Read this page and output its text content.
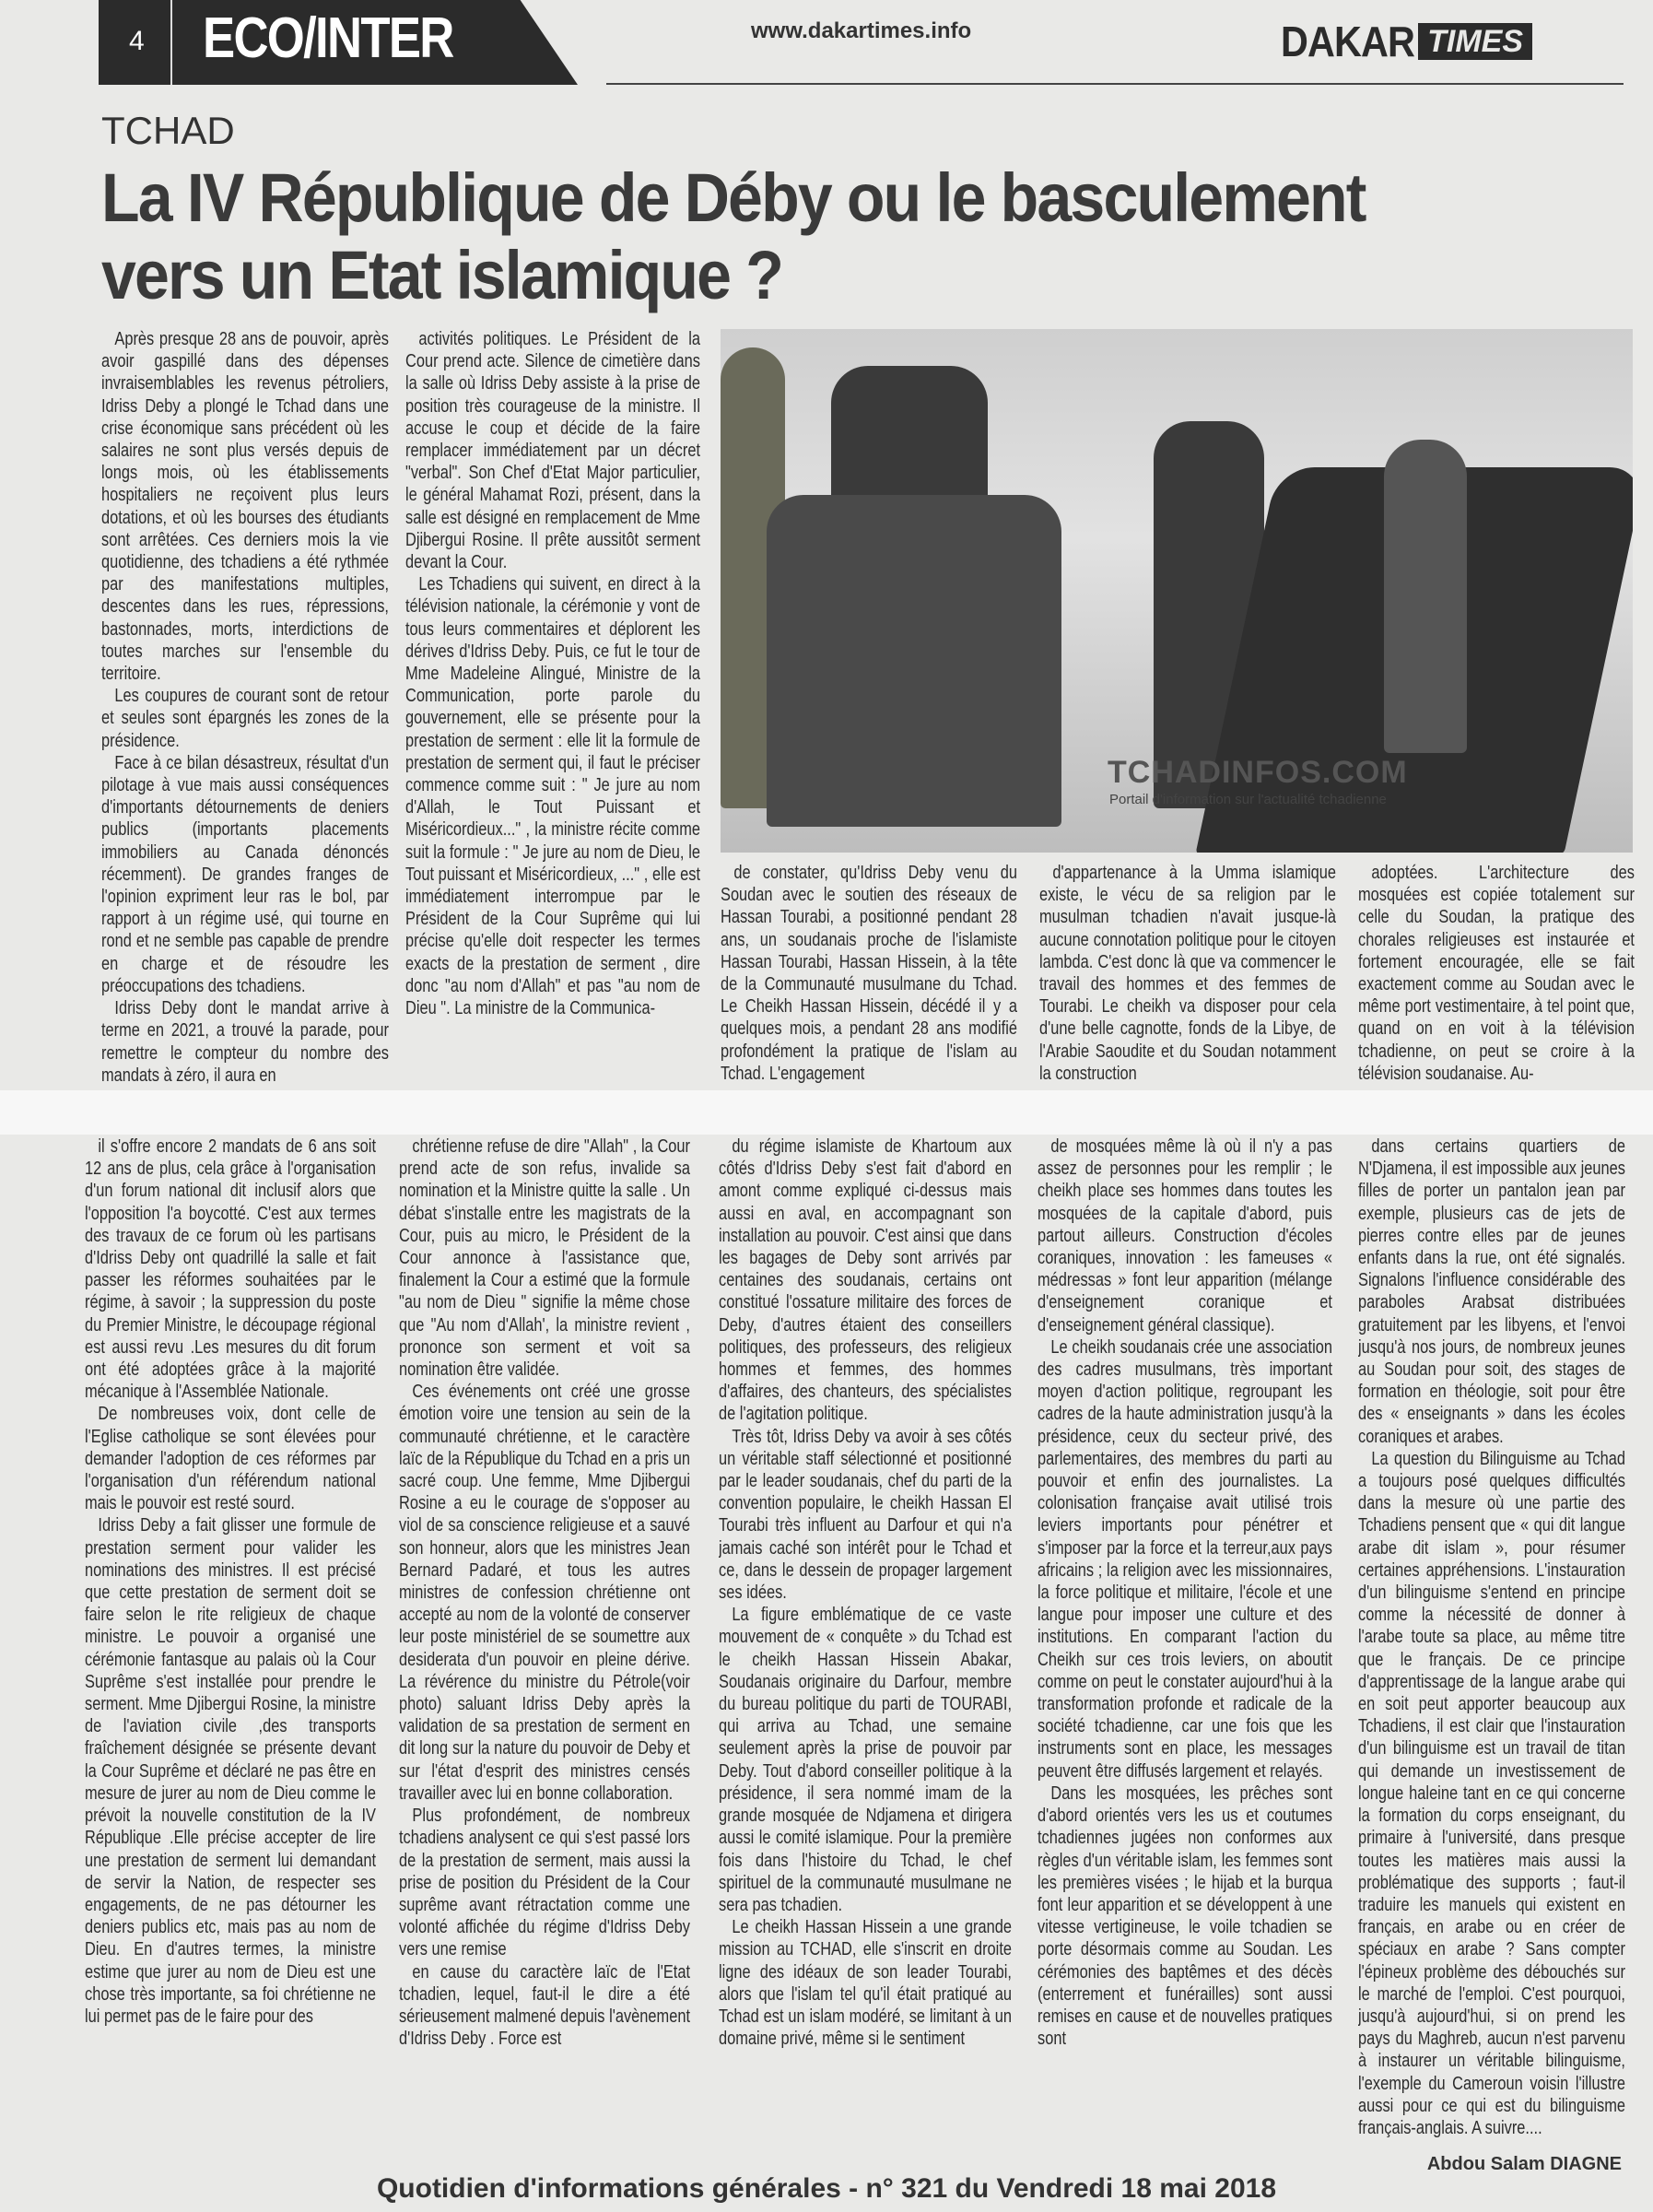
4 ECO/INTER	www.dakartimes.info	DAKAR TIMES
TCHAD
La IV République de Déby ou le basculement
vers un Etat islamique ?

Après presque 28 ans de pouvoir, après avoir gaspillé dans des dépenses invraisemblables les revenus pétroliers, Idriss Deby a plongé le Tchad dans une crise économique sans précédent où les salaires ne sont plus versés depuis de longs mois, où les établissements hospitaliers ne reçoivent plus leurs dotations, et où les bourses des étudiants sont arrêtées. Ces derniers mois la vie quotidienne, des tchadiens a été rythmée par des manifestations multiples, descentes dans les rues, répressions, bastonnades, morts, interdictions de toutes marches sur l'ensemble du territoire.

Les coupures de courant sont de retour et seules sont épargnés les zones de la présidence.

Face à ce bilan désastreux, résultat d'un pilotage à vue mais aussi conséquences d'importants détournements de deniers publics (importants placements immobiliers au Canada dénoncés récemment). De grandes franges de l'opinion expriment leur ras le bol, par rapport à un régime usé, qui tourne en rond et ne semble pas capable de prendre en charge et de résoudre les préoccupations des tchadiens.

Idriss Deby dont le mandat arrive à terme en 2021, a trouvé la parade, pour remettre le compteur du nombre des mandats à zéro, il aura en

activités politiques. Le Président de la Cour prend acte. Silence de cimetière dans la salle où Idriss Deby assiste à la prise de position très courageuse de la ministre. Il accuse le coup et décide de la faire remplacer immédiatement par un décret "verbal". Son Chef d'Etat Major particulier, le général Mahamat Rozi, présent, dans la salle est désigné en remplacement de Mme Djibergui Rosine. Il prête aussitôt serment devant la Cour.

Les Tchadiens qui suivent, en direct à la télévision nationale, la cérémonie y vont de tous leurs commentaires et déplorent les dérives d'Idriss Deby. Puis, ce fut le tour de Mme Madeleine Alingué, Ministre de la Communication, porte parole du gouvernement, elle se présente pour la prestation de serment : elle lit la formule de prestation de serment qui, il faut le préciser commence comme suit : " Je jure au nom d'Allah, le Tout Puissant et Miséricordieux..." , la ministre récite comme suit la formule : " Je jure au nom de Dieu, le Tout puissant et Miséricordieux, ..." , elle est immédiatement interrompue par le Président de la Cour Suprême qui lui précise qu'elle doit respecter les termes exacts de la prestation de serment , dire donc "au nom d'Allah" et pas "au nom de Dieu ". La ministre de la Communica-

TCHADINFOS.COM
Portail d'information sur l'actualité tchadienne

de constater, qu'Idriss Deby venu du Soudan avec le soutien des réseaux de Hassan Tourabi, a positionné pendant 28 ans, un soudanais proche de l'islamiste Hassan Tourabi, Hassan Hissein, à la tête de la Communauté musulmane du Tchad. Le Cheikh Hassan Hissein, décédé il y a quelques mois, a pendant 28 ans modifié profondément la pratique de l'islam au Tchad. L'engagement

d'appartenance à la Umma islamique existe, le vécu de sa religion par le musulman tchadien n'avait jusque-là aucune connotation politique pour le citoyen lambda. C'est donc là que va commencer le travail des hommes et des femmes de Tourabi. Le cheikh va disposer pour cela d'une belle cagnotte, fonds de la Libye, de l'Arabie Saoudite et du Soudan notamment la construction

adoptées. L'architecture des mosquées est copiée totalement sur celle du Soudan, la pratique des chorales religieuses est instaurée et fortement encouragée, elle se fait exactement comme au Soudan avec le même port vestimentaire, à tel point que, quand on en voit à la télévision tchadienne, on peut se croire à la télévision soudanaise. Au-

il s'offre encore 2 mandats de 6 ans soit 12 ans de plus, cela grâce à l'organisation d'un forum national dit inclusif alors que l'opposition l'a boycotté. C'est aux termes des travaux de ce forum où les partisans d'Idriss Deby ont quadrillé la salle et fait passer les réformes souhaitées par le régime, à savoir ; la suppression du poste du Premier Ministre, le découpage régional est aussi revu .Les mesures du dit forum ont été adoptées grâce à la majorité mécanique à l'Assemblée Nationale.

De nombreuses voix, dont celle de l'Eglise catholique se sont élevées pour demander l'adoption de ces réformes par l'organisation d'un référendum national mais le pouvoir est resté sourd.

Idriss Deby a fait glisser une formule de prestation serment pour valider les nominations des ministres. Il est précisé que cette prestation de serment doit se faire selon le rite religieux de chaque ministre. Le pouvoir a organisé une cérémonie fantasque au palais où la Cour Suprême s'est installée pour prendre le serment. Mme Djibergui Rosine, la ministre de l'aviation civile ,des transports fraîchement désignée se présente devant la Cour Suprême et déclaré ne pas être en mesure de jurer au nom de Dieu comme le prévoit la nouvelle constitution de la IV République .Elle précise accepter de lire une prestation de serment lui demandant de servir la Nation, de respecter ses engagements, de ne pas détourner les deniers publics etc, mais pas au nom de Dieu. En d'autres termes, la ministre estime que jurer au nom de Dieu est une chose très importante, sa foi chrétienne ne lui permet pas de le faire pour des

chrétienne refuse de dire "Allah" , la Cour prend acte de son refus, invalide sa nomination et la Ministre quitte la salle . Un débat s'installe entre les magistrats de la Cour, puis au micro, le Président de la Cour annonce à l'assistance que, finalement la Cour a estimé que la formule "au nom de Dieu " signifie la même chose que "Au nom d'Allah', la ministre revient , prononce son serment et voit sa nomination être validée.

Ces événements ont créé une grosse émotion voire une tension au sein de la communauté chrétienne, et le caractère laïc de la République du Tchad en a pris un sacré coup. Une femme, Mme Djibergui Rosine a eu le courage de s'opposer au viol de sa conscience religieuse et a sauvé son honneur, alors que les ministres Jean Bernard Padaré, et tous les autres ministres de confession chrétienne ont accepté au nom de la volonté de conserver leur poste ministériel de se soumettre aux desiderata d'un pouvoir en pleine dérive. La révérence du ministre du Pétrole(voir photo) saluant Idriss Deby après la validation de sa prestation de serment en dit long sur la nature du pouvoir de Deby et sur l'état d'esprit des ministres censés travailler avec lui en bonne collaboration.

Plus profondément, de nombreux tchadiens analysent ce qui s'est passé lors de la prestation de serment, mais aussi la prise de position du Président de la Cour suprême avant rétractation comme une volonté affichée du régime d'Idriss Deby vers une remise

en cause du caractère laïc de l'Etat tchadien, lequel, faut-il le dire a été sérieusement malmené depuis l'avènement d'Idriss Deby . Force est

du régime islamiste de Khartoum aux côtés d'Idriss Deby s'est fait d'abord en amont comme expliqué ci-dessus mais aussi en aval, en accompagnant son installation au pouvoir. C'est ainsi que dans les bagages de Deby sont arrivés par centaines des soudanais, certains ont constitué l'ossature militaire des forces de Deby, d'autres étaient des conseillers politiques, des professeurs, des religieux hommes et femmes, des hommes d'affaires, des chanteurs, des spécialistes de l'agitation politique.

Très tôt, Idriss Deby va avoir à ses côtés un véritable staff sélectionné et positionné par le leader soudanais, chef du parti de la convention populaire, le cheikh Hassan El Tourabi très influent au Darfour et qui n'a jamais caché son intérêt pour le Tchad et ce, dans le dessein de propager largement ses idées.

La figure emblématique de ce vaste mouvement de « conquête » du Tchad est le cheikh Hassan Hissein Abakar, Soudanais originaire du Darfour, membre du bureau politique du parti de TOURABI, qui arriva au Tchad, une semaine seulement après la prise de pouvoir par Deby. Tout d'abord conseiller politique à la présidence, il sera nommé imam de la grande mosquée de Ndjamena et dirigera aussi le comité islamique. Pour la première fois dans l'histoire du Tchad, le chef spirituel de la communauté musulmane ne sera pas tchadien.

Le cheikh Hassan Hissein a une grande mission au TCHAD, elle s'inscrit en droite ligne des idéaux de son leader Tourabi, alors que l'islam tel qu'il était pratiqué au Tchad est un islam modéré, se limitant à un domaine privé, même si le sentiment

de mosquées même là où il n'y a pas assez de personnes pour les remplir ; le cheikh place ses hommes dans toutes les mosquées de la capitale d'abord, puis partout ailleurs. Construction d'écoles coraniques, innovation : les fameuses « médressas » font leur apparition (mélange d'enseignement coranique et d'enseignement général classique).

Le cheikh soudanais crée une association des cadres musulmans, très important moyen d'action politique, regroupant les cadres de la haute administration jusqu'à la présidence, ceux du secteur privé, des parlementaires, des membres du parti au pouvoir et enfin des journalistes. La colonisation française avait utilisé trois leviers importants pour pénétrer et s'imposer par la force et la terreur,aux pays africains ; la religion avec les missionnaires, la force politique et militaire, l'école et une langue pour imposer une culture et des institutions. En comparant l'action du Cheikh sur ces trois leviers, on aboutit comme on peut le constater aujourd'hui à la transformation profonde et radicale de la société tchadienne, car une fois que les instruments sont en place, les messages peuvent être diffusés largement et relayés.

Dans les mosquées, les prêches sont d'abord orientés vers les us et coutumes tchadiennes jugées non conformes aux règles d'un véritable islam, les femmes sont les premières visées ; le hijab et la burqua font leur apparition et se développent à une vitesse vertigineuse, le voile tchadien se porte désormais comme au Soudan. Les cérémonies des baptêmes et des décès (enterrement et funérailles) sont aussi remises en cause et de nouvelles pratiques sont

dans certains quartiers de N'Djamena, il est impossible aux jeunes filles de porter un pantalon jean par exemple, plusieurs cas de jets de pierres contre elles par de jeunes enfants dans la rue, ont été signalés. Signalons l'influence considérable des paraboles Arabsat distribuées gratuitement par les libyens, et l'envoi jusqu'à nos jours, de nombreux jeunes au Soudan pour soit, des stages de formation en théologie, soit pour être des « enseignants » dans les écoles coraniques et arabes.

La question du Bilinguisme au Tchad a toujours posé quelques difficultés dans la mesure où une partie des Tchadiens pensent que « qui dit langue arabe dit islam », pour résumer certaines appréhensions. L'instauration d'un bilinguisme s'entend en principe comme la nécessité de donner à l'arabe toute sa place, au même titre que le français. De ce principe d'apprentissage de la langue arabe qui en soit peut apporter beaucoup aux Tchadiens, il est clair que l'instauration d'un bilinguisme est un travail de titan qui demande un investissement de longue haleine tant en ce qui concerne la formation du corps enseignant, du primaire à l'université, dans presque toutes les matières mais aussi la problématique des supports ; faut-il traduire les manuels qui existent en français, en arabe ou en créer de spéciaux en arabe ? Sans compter l'épineux problème des débouchés sur le marché de l'emploi. C'est pourquoi, jusqu'à aujourd'hui, si on prend les pays du Maghreb, aucun n'est parvenu à instaurer un véritable bilinguisme, l'exemple du Cameroun voisin l'illustre aussi pour ce qui est du bilinguisme français-anglais. A suivre....

Abdou Salam DIAGNE
Quotidien d'informations générales - n° 321 du Vendredi 18 mai 2018
